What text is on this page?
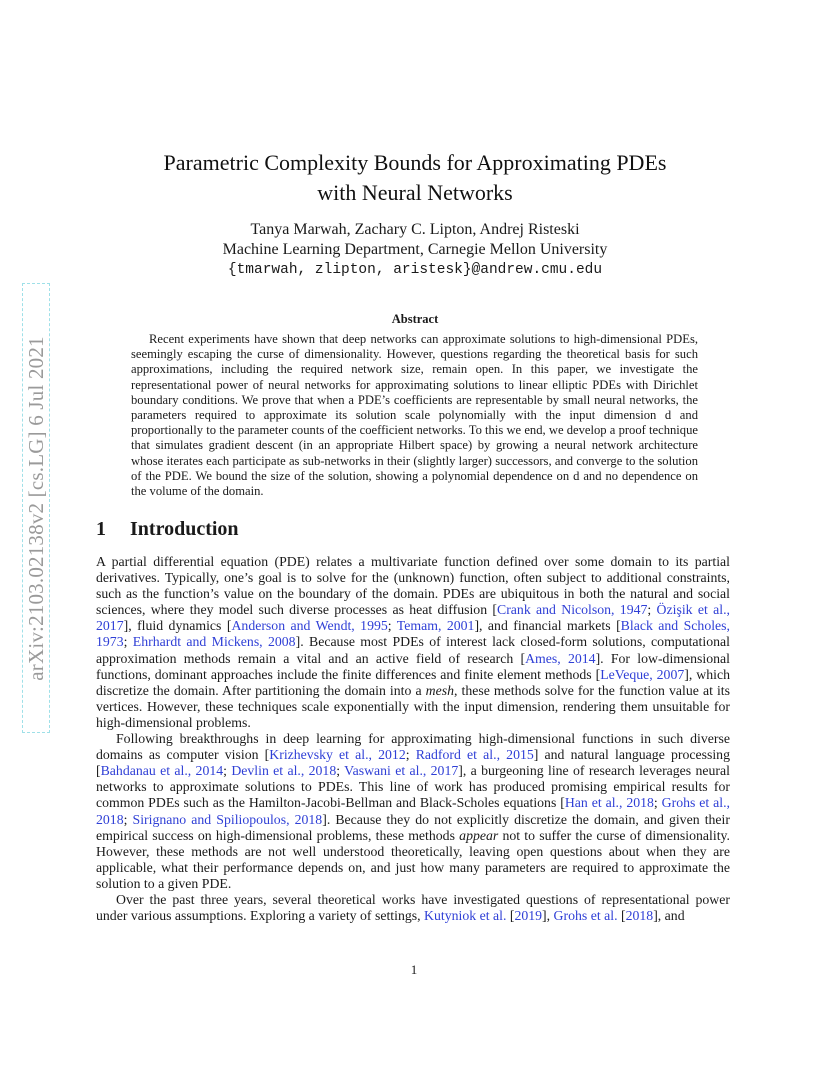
arXiv:2103.02138v2 [cs.LG] 6 Jul 2021
Parametric Complexity Bounds for Approximating PDEs
with Neural Networks
Tanya Marwah, Zachary C. Lipton, Andrej Risteski
Machine Learning Department, Carnegie Mellon University
{tmarwah, zlipton, aristesk}@andrew.cmu.edu
Abstract

Recent experiments have shown that deep networks can approximate solutions to high-dimensional PDEs, seemingly escaping the curse of dimensionality. However, questions regarding the theoretical basis for such approximations, including the required network size, remain open. In this paper, we investigate the representational power of neural networks for approximating solutions to linear elliptic PDEs with Dirichlet boundary conditions. We prove that when a PDE’s coefficients are representable by small neural networks, the parameters required to approximate its solution scale polynomially with the input dimension d and proportionally to the parameter counts of the coefficient networks. To this we end, we develop a proof technique that simulates gradient descent (in an appropriate Hilbert space) by growing a neural network architecture whose iterates each participate as sub-networks in their (slightly larger) successors, and converge to the solution of the PDE. We bound the size of the solution, showing a polynomial dependence on d and no dependence on the volume of the domain.

1 Introduction

A partial differential equation (PDE) relates a multivariate function defined over some domain to its partial derivatives. Typically, one’s goal is to solve for the (unknown) function, often subject to additional constraints, such as the function’s value on the boundary of the domain. PDEs are ubiquitous in both the natural and social sciences, where they model such diverse processes as heat diffusion [Crank and Nicolson, 1947; Özişik et al., 2017], fluid dynamics [Anderson and Wendt, 1995; Temam, 2001], and financial markets [Black and Scholes, 1973; Ehrhardt and Mickens, 2008]. Because most PDEs of interest lack closed-form solutions, computational approximation methods remain a vital and an active field of research [Ames, 2014]. For low-dimensional functions, dominant approaches include the finite differences and finite element methods [LeVeque, 2007], which discretize the domain. After partitioning the domain into a mesh, these methods solve for the function value at its vertices. However, these techniques scale exponentially with the input dimension, rendering them unsuitable for high-dimensional problems.

Following breakthroughs in deep learning for approximating high-dimensional functions in such diverse domains as computer vision [Krizhevsky et al., 2012; Radford et al., 2015] and natural language processing [Bahdanau et al., 2014; Devlin et al., 2018; Vaswani et al., 2017], a burgeoning line of research leverages neural networks to approximate solutions to PDEs. This line of work has produced promising empirical results for common PDEs such as the Hamilton-Jacobi-Bellman and Black-Scholes equations [Han et al., 2018; Grohs et al., 2018; Sirignano and Spiliopoulos, 2018]. Because they do not explicitly discretize the domain, and given their empirical success on high-dimensional problems, these methods appear not to suffer the curse of dimensionality. However, these methods are not well understood theoretically, leaving open questions about when they are applicable, what their performance depends on, and just how many parameters are required to approximate the solution to a given PDE.

Over the past three years, several theoretical works have investigated questions of representational power under various assumptions. Exploring a variety of settings, Kutyniok et al. [2019], Grohs et al. [2018], and

1
